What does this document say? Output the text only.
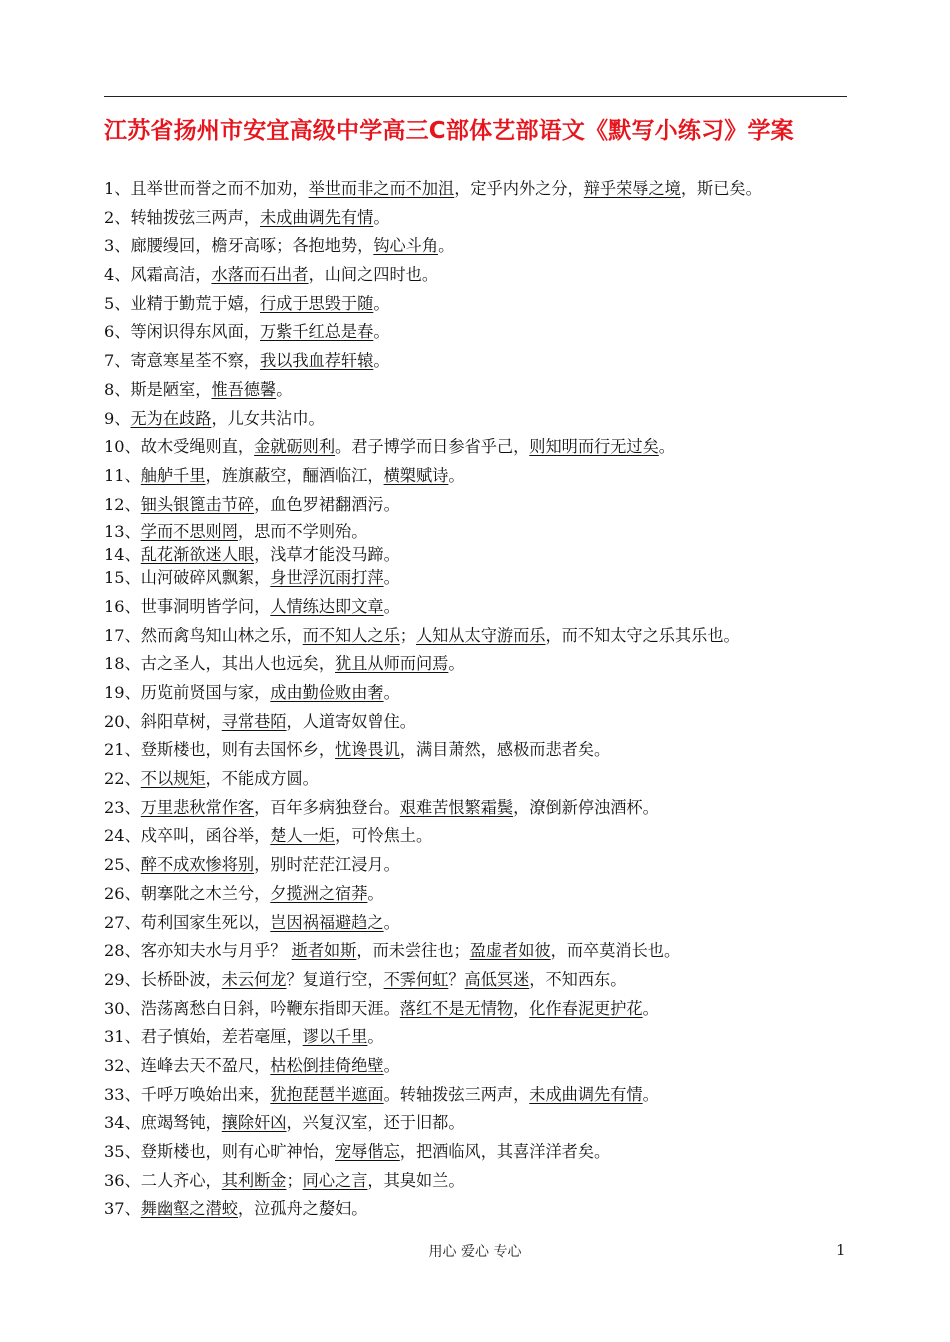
江苏省扬州市安宜高级中学高三C部体艺部语文《默写小练习》学案
1、且举世而誉之而不加劝，举世而非之而不加沮，定乎内外之分，辩乎荣辱之境，斯已矣。
2、转轴拨弦三两声，未成曲调先有情。
3、廊腰缦回，檐牙高啄；各抱地势，钩心斗角。
4、风霜高洁，水落而石出者，山间之四时也。
5、业精于勤荒于嬉，行成于思毁于随。
6、等闲识得东风面，万紫千红总是春。
7、寄意寒星荃不察，我以我血荐轩辕。
8、斯是陋室，惟吾德馨。
9、无为在歧路，儿女共沾巾。
10、故木受绳则直，金就砺则利。君子博学而日参省乎己，则知明而行无过矣。
11、舳舻千里，旌旗蔽空，酾酒临江，横槊赋诗。
12、钿头银篦击节碎，血色罗裙翻酒污。
13、学而不思则罔，思而不学则殆。
14、乱花渐欲迷人眼，浅草才能没马蹄。
15、山河破碎风飘絮，身世浮沉雨打萍。
16、世事洞明皆学问，人情练达即文章。
17、然而禽鸟知山林之乐，而不知人之乐；人知从太守游而乐，而不知太守之乐其乐也。
18、古之圣人，其出人也远矣，犹且从师而问焉。
19、历览前贤国与家，成由勤俭败由奢。
20、斜阳草树，寻常巷陌，人道寄奴曾住。
21、登斯楼也，则有去国怀乡，忧谗畏讥，满目萧然，感极而悲者矣。
22、不以规矩，不能成方圆。
23、万里悲秋常作客，百年多病独登台。艰难苦恨繁霜鬓，潦倒新停浊酒杯。
24、戍卒叫，函谷举，楚人一炬，可怜焦土。
25、醉不成欢惨将别，别时茫茫江浸月。
26、朝搴阰之木兰兮，夕揽洲之宿莽。
27、苟利国家生死以，岂因祸福避趋之。
28、客亦知夫水与月乎？ 逝者如斯，而未尝往也；盈虚者如彼，而卒莫消长也。
29、长桥卧波，未云何龙？复道行空，不霁何虹？高低冥迷，不知西东。
30、浩荡离愁白日斜，吟鞭东指即天涯。落红不是无情物，化作春泥更护花。
31、君子慎始，差若毫厘，谬以千里。
32、连峰去天不盈尺，枯松倒挂倚绝壁。
33、千呼万唤始出来，犹抱琵琶半遮面。转轴拨弦三两声，未成曲调先有情。
34、庶竭驽钝，攘除奸凶，兴复汉室，还于旧都。
35、登斯楼也，则有心旷神怡，宠辱偕忘，把酒临风，其喜洋洋者矣。
36、二人齐心，其利断金；同心之言，其臭如兰。
37、舞幽壑之潜蛟，泣孤舟之嫠妇。
用心 爱心 专心	1
